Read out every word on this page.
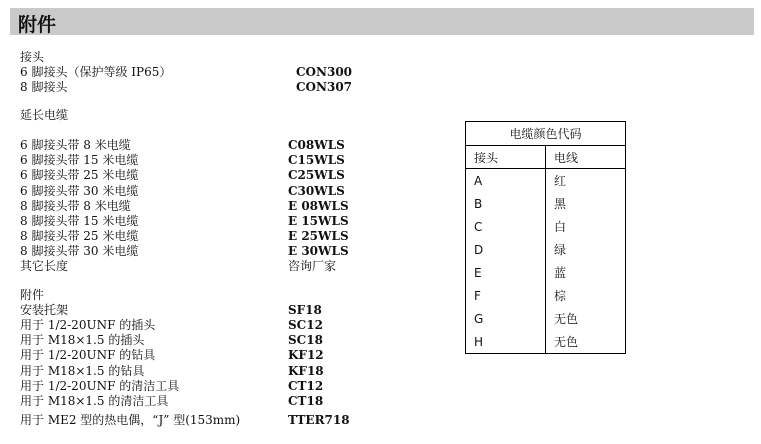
附件
接头
6 脚接头（保护等级 IP65）	CON300
8 脚接头	CON307
延长电缆
6 脚接头带 8 米电缆	C08WLS
6 脚接头带 15 米电缆	C15WLS
6 脚接头带 25 米电缆	C25WLS
6 脚接头带 30 米电缆	C30WLS
8 脚接头带 8 米电缆	E 08WLS
8 脚接头带 15 米电缆	E 15WLS
8 脚接头带 25 米电缆	E 25WLS
8 脚接头带 30 米电缆	E 30WLS
其它长度	咨询厂家
附件
安装托架	SF18
用于 1/2-20UNF 的插头	SC12
用于 M18×1.5 的插头	SC18
用于 1/2-20UNF 的钻具	KF12
用于 M18×1.5 的钻具	KF18
用于 1/2-20UNF 的清洁工具	CT12
用于 M18×1.5 的清洁工具	CT18
用于 ME2 型的热电偶，“J” 型(153mm)	TTER718
电缆颜色代码	
接头	电线
A	红
B	黑
C	白
D	绿
E	蓝
F	棕
G	无色
H	无色
